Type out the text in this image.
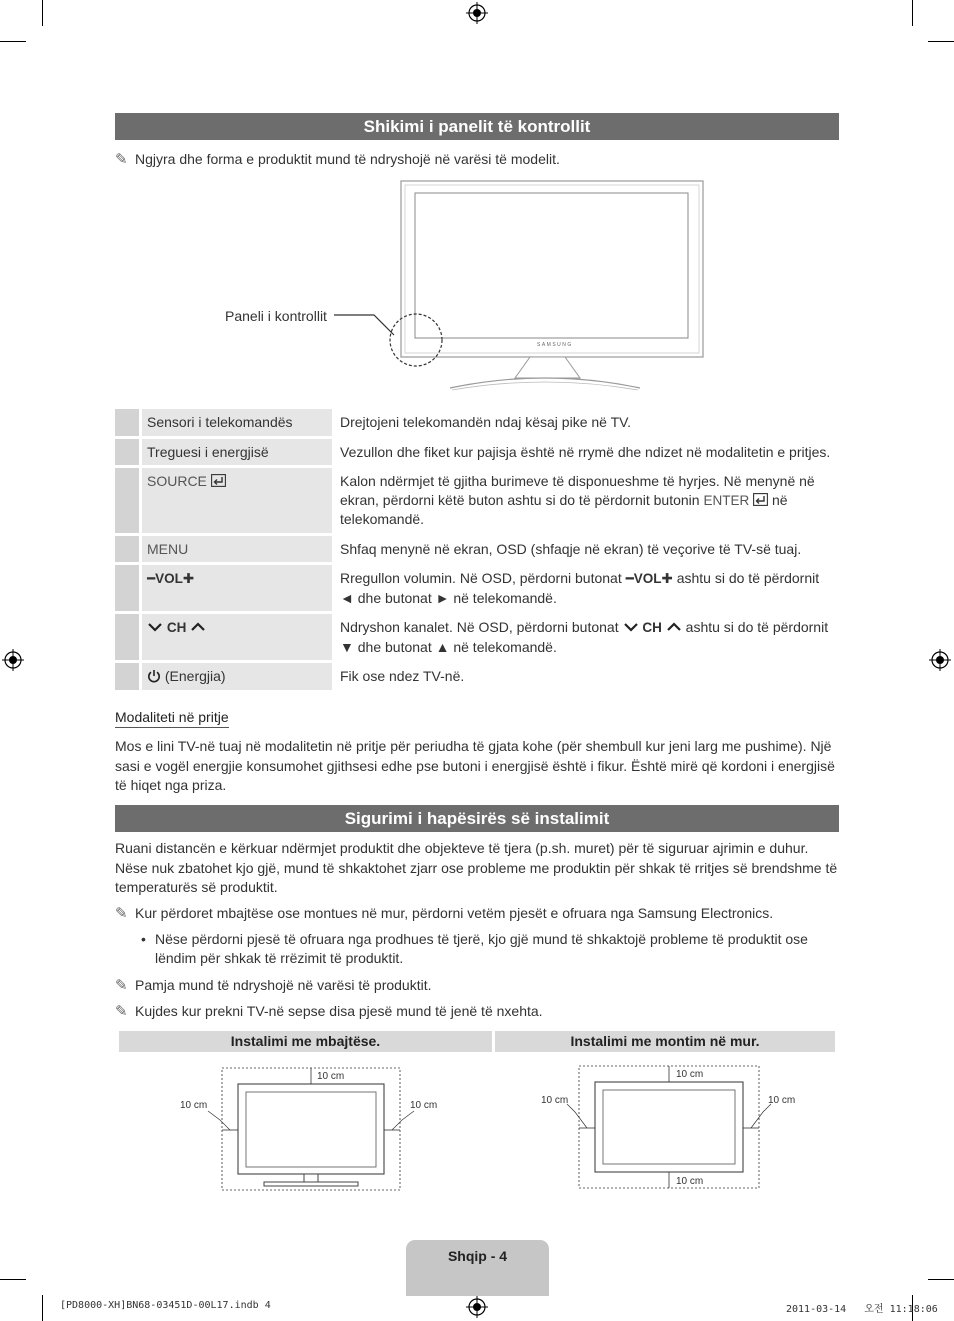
Shikimi i panelit të kontrollit
✎ Ngjyra dhe forma e produktit mund të ndryshojë në varësi të modelit.
SAMSUNG
Paneli i kontrollit
	Sensori i telekomandës	Drejtojeni telekomandën ndaj kësaj pike në TV.
	Treguesi i energjisë	Vezullon dhe fiket kur pajisja është në rrymë dhe ndizet në modalitetin e pritjes.
	SOURCE	Kalon ndërmjet të gjitha burimeve të disponueshme të hyrjes. Në menynë në ekran, përdorni këtë buton ashtu si do të përdornit butonin ENTER në telekomandë.
	MENU	Shfaq menynë në ekran, OSD (shfaqje në ekran) të veçorive të TV-së tuaj.
	━VOL✚	Rregullon volumin. Në OSD, përdorni butonat ━VOL✚ ashtu si do të përdornit ◄ dhe butonat ► në telekomandë.
	CH	Ndryshon kanalet. Në OSD, përdorni butonat CH ashtu si do të përdornit ▼ dhe butonat ▲ në telekomandë.
	(Energjia)	Fik ose ndez TV-në.
Modaliteti në pritje
Mos e lini TV-në tuaj në modalitetin në pritje për periudha të gjata kohe (për shembull kur jeni larg me pushime). Një sasi e vogël energjie konsumohet gjithsesi edhe pse butoni i energjisë është i fikur. Është mirë që kordoni i energjisë të hiqet nga priza.
Sigurimi i hapësirës së instalimit
Ruani distancën e kërkuar ndërmjet produktit dhe objekteve të tjera (p.sh. muret) për të siguruar ajrimin e duhur. Nëse nuk zbatohet kjo gjë, mund të shkaktohet zjarr ose probleme me produktin për shkak të rritjes së brendshme të temperaturës së produktit.
✎ Kur përdoret mbajtëse ose montues në mur, përdorni vetëm pjesët e ofruara nga Samsung Electronics.
• Nëse përdorni pjesë të ofruara nga prodhues të tjerë, kjo gjë mund të shkaktojë probleme të produktit ose lëndim për shkak të rrëzimit të produktit.
✎ Pamja mund të ndryshojë në varësi të produktit.
✎ Kujdes kur prekni TV-në sepse disa pjesë mund të jenë të nxehta.
Instalimi me mbajtëse.	Instalimi me montim në mur.
10 cm
10 cm	10 cm
10 cm
10 cm
10 cm	10 cm
Shqip - 4
[PD8000-XH]BN68-03451D-00L17.indb 4	2011-03-14   오전 11:18:06
